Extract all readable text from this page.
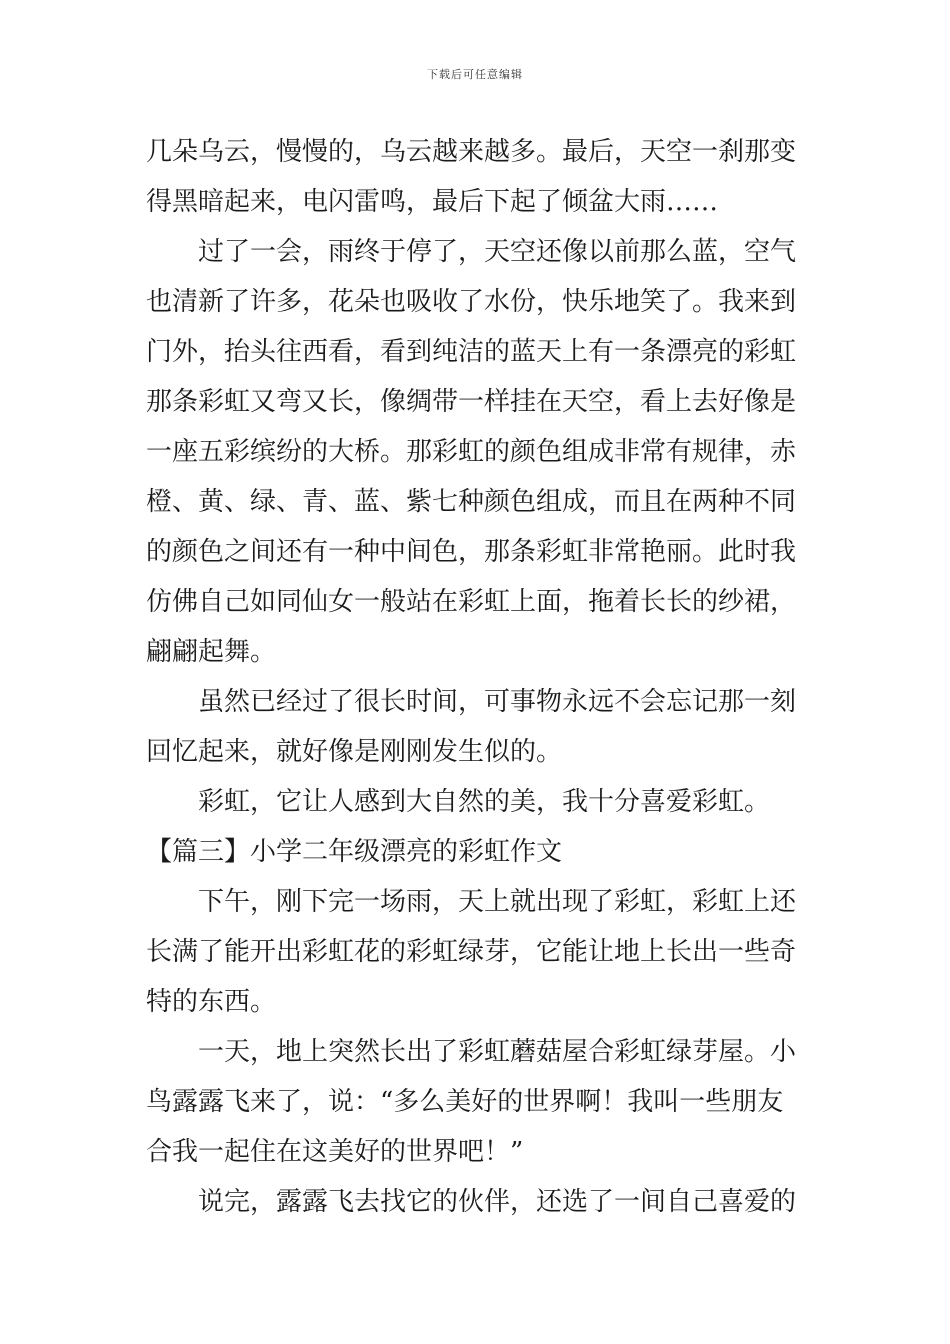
下载后可任意编辑
几朵乌云，慢慢的，乌云越来越多。最后，天空一刹那变
得黑暗起来，电闪雷鸣，最后下起了倾盆大雨……
过了一会，雨终于停了，天空还像以前那么蓝，空气
也清新了许多，花朵也吸收了水份，快乐地笑了。我来到
门外，抬头往西看，看到纯洁的蓝天上有一条漂亮的彩虹
那条彩虹又弯又长，像绸带一样挂在天空，看上去好像是
一座五彩缤纷的大桥。那彩虹的颜色组成非常有规律，赤
橙、黄、绿、青、蓝、紫七种颜色组成，而且在两种不同
的颜色之间还有一种中间色，那条彩虹非常艳丽。此时我
仿佛自己如同仙女一般站在彩虹上面，拖着长长的纱裙，
翩翩起舞。
虽然已经过了很长时间，可事物永远不会忘记那一刻
回忆起来，就好像是刚刚发生似的。
彩虹，它让人感到大自然的美，我十分喜爱彩虹。
【篇三】小学二年级漂亮的彩虹作文
下午，刚下完一场雨，天上就出现了彩虹，彩虹上还
长满了能开出彩虹花的彩虹绿芽，它能让地上长出一些奇
特的东西。
一天，地上突然长出了彩虹蘑菇屋合彩虹绿芽屋。小
鸟露露飞来了，说：“多么美好的世界啊！我叫一些朋友
合我一起住在这美好的世界吧！”
说完，露露飞去找它的伙伴，还选了一间自己喜爱的
